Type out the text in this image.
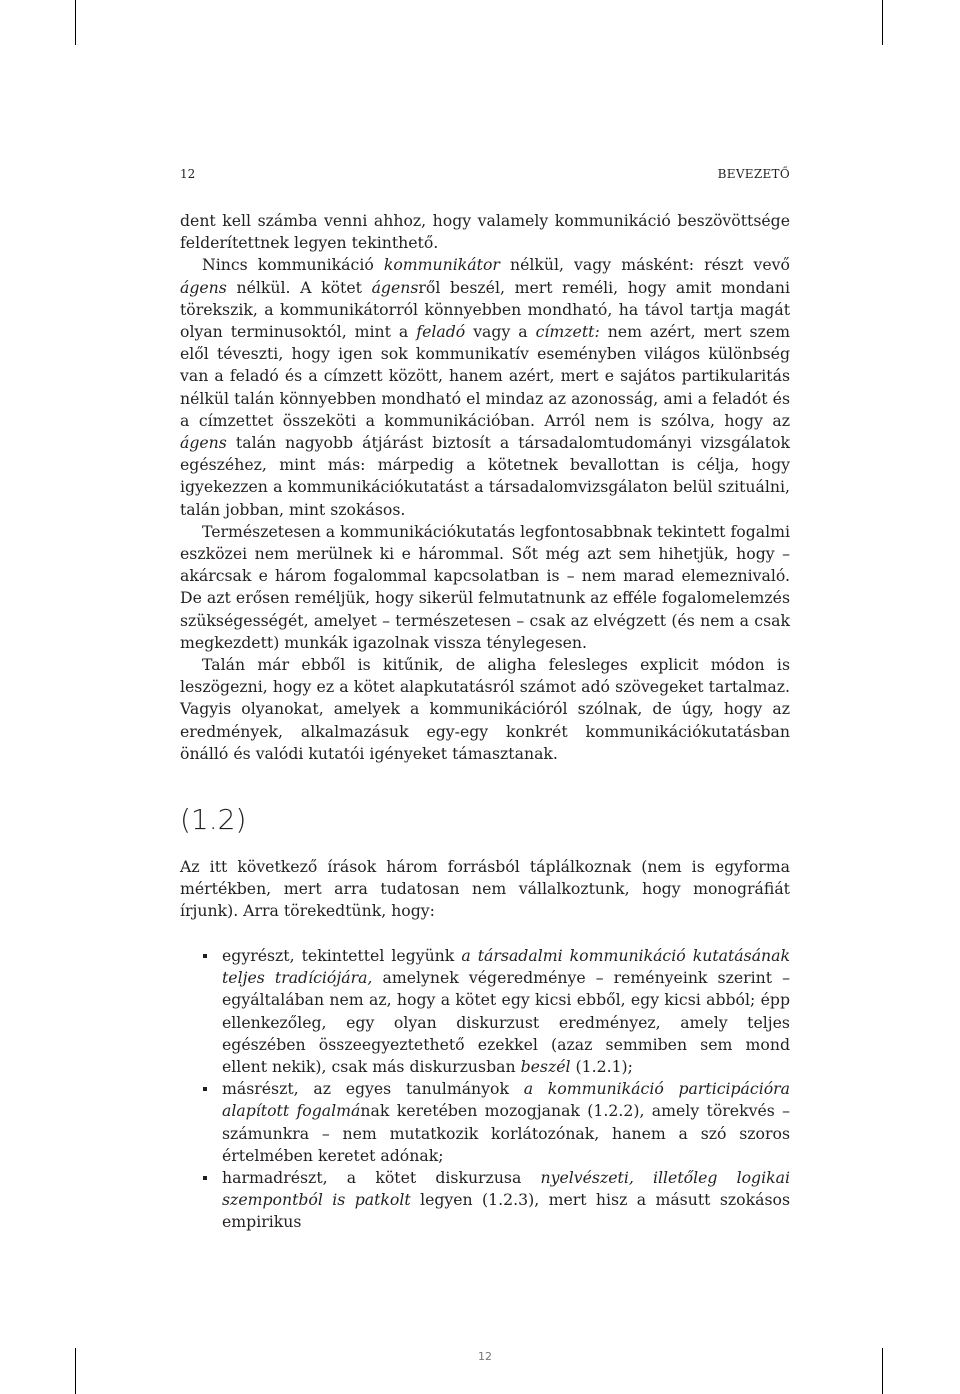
12	BEVEZETŐ

dent kell számba venni ahhoz, hogy valamely kommunikáció beszövöttsége felderítettnek legyen tekinthető.

Nincs kommunikáció kommunikátor nélkül, vagy másként: részt vevő ágens nélkül. A kötet ágensről beszél, mert reméli, hogy amit mondani törekszik, a kommunikátorról könnyebben mondható, ha távol tartja magát olyan terminusoktól, mint a feladó vagy a címzett: nem azért, mert szem elől téveszti, hogy igen sok kommunikatív eseményben világos különbség van a feladó és a címzett között, hanem azért, mert e sajátos partikularitás nélkül talán könnyebben mondható el mindaz az azonosság, ami a feladót és a címzettet összeköti a kommunikációban. Arról nem is szólva, hogy az ágens talán nagyobb átjárást biztosít a társadalomtudományi vizsgálatok egészéhez, mint más: márpedig a kötetnek bevallottan is célja, hogy igyekezzen a kommunikációkutatást a társadalomvizsgálaton belül szituálni, talán jobban, mint szokásos.

Természetesen a kommunikációkutatás legfontosabbnak tekintett fogalmi eszközei nem merülnek ki e hárommal. Sőt még azt sem hihetjük, hogy – akárcsak e három fogalommal kapcsolatban is – nem marad elemeznivaló. De azt erősen reméljük, hogy sikerül felmutatnunk az efféle fogalomelemzés szükségességét, amelyet – természetesen – csak az elvégzett (és nem a csak megkezdett) munkák igazolnak vissza ténylegesen.

Talán már ebből is kitűnik, de aligha felesleges explicit módon is leszögezni, hogy ez a kötet alapkutatásról számot adó szövegeket tartalmaz. Vagyis olyanokat, amelyek a kommunikációról szólnak, de úgy, hogy az eredmények, alkalmazásuk egy-egy konkrét kommunikációkutatásban önálló és valódi kutatói igényeket támasztanak.

(1.2)

Az itt következő írások három forrásból táplálkoznak (nem is egyforma mértékben, mert arra tudatosan nem vállalkoztunk, hogy monográfiát írjunk). Arra törekedtünk, hogy:

egyrészt, tekintettel legyünk a társadalmi kommunikáció kutatásának teljes tradíciójára, amelynek végeredménye – reményeink szerint – egyáltalában nem az, hogy a kötet egy kicsi ebből, egy kicsi abból; épp ellenkezőleg, egy olyan diskurzust eredményez, amely teljes egészében összeegyeztethető ezekkel (azaz semmiben sem mond ellent nekik), csak más diskurzusban beszél (1.2.1);
másrészt, az egyes tanulmányok a kommunikáció participációra alapított fogalmának keretében mozogjanak (1.2.2), amely törekvés – számunkra – nem mutatkozik korlátozónak, hanem a szó szoros értelmében keretet adónak;
harmadrészt, a kötet diskurzusa nyelvészeti, illetőleg logikai szempontból is patkolt legyen (1.2.3), mert hisz a másutt szokásos empirikus
12
